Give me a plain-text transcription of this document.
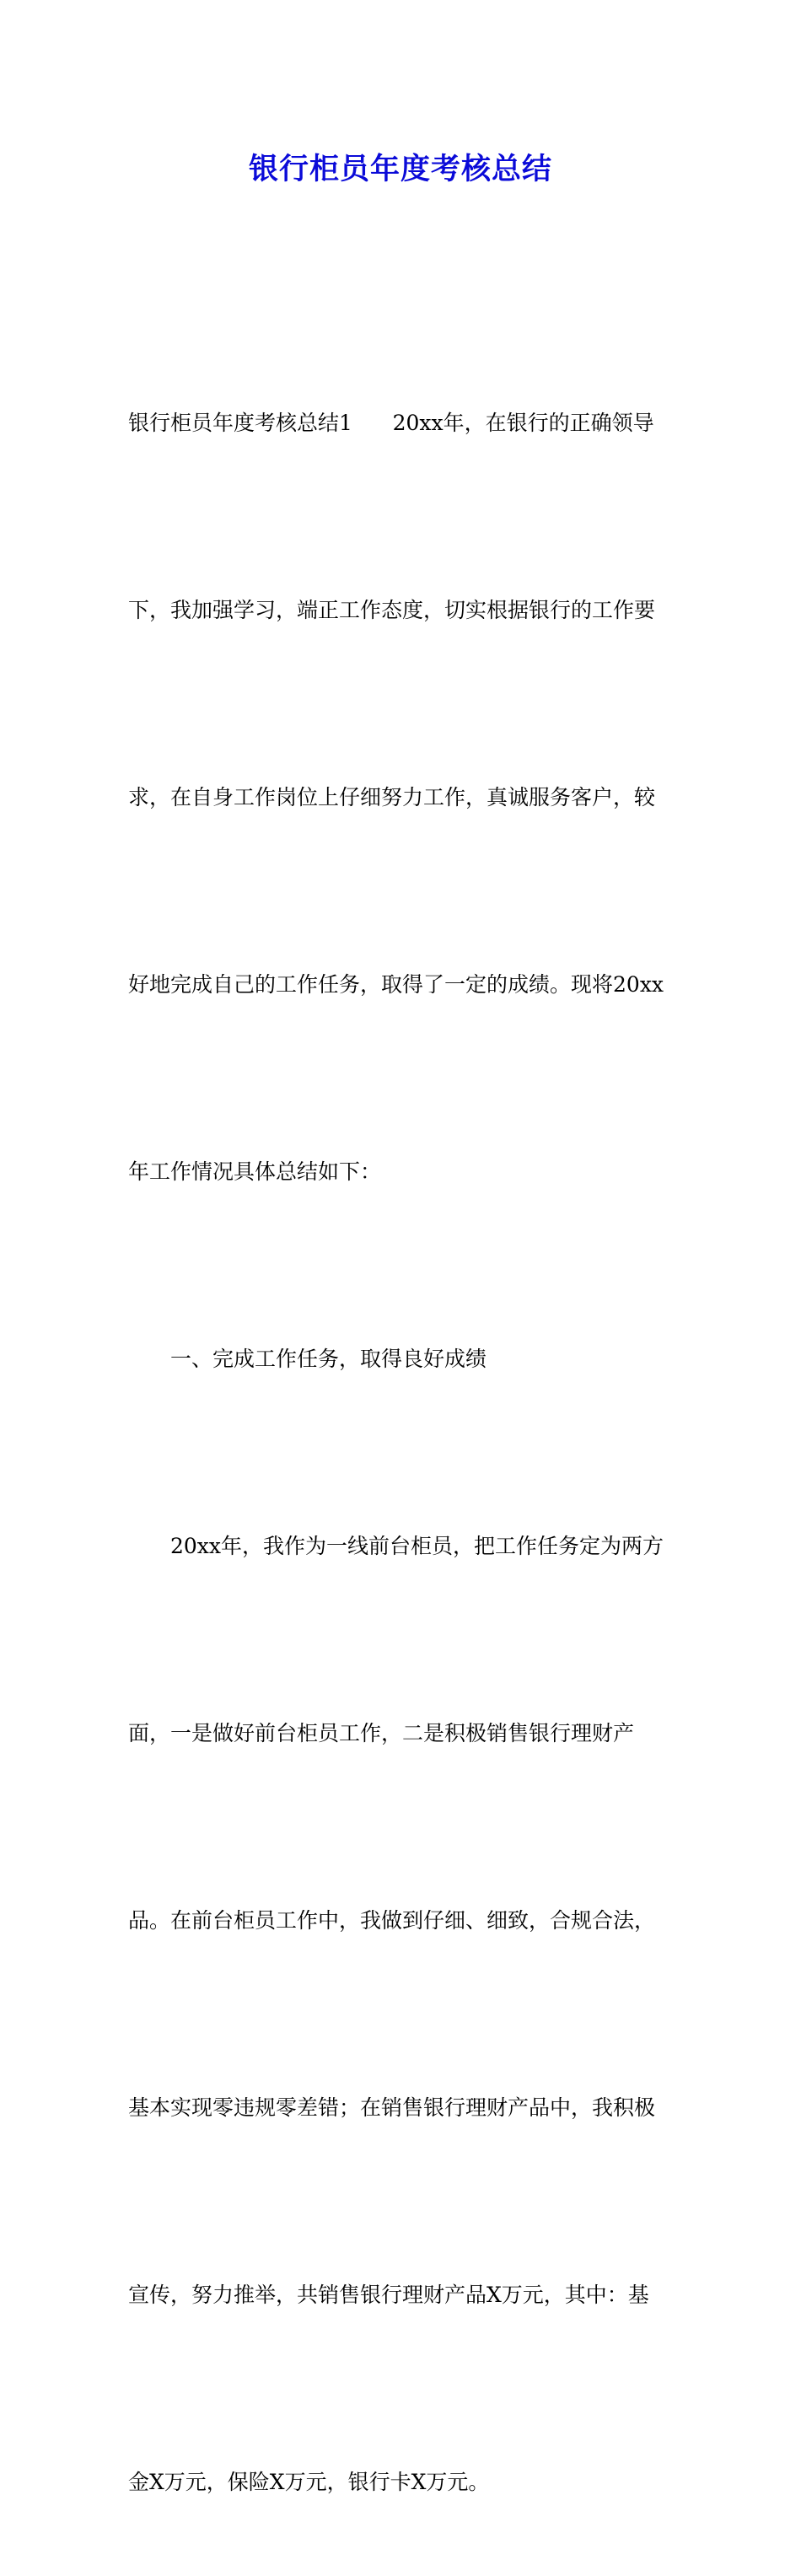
银行柜员年度考核总结

银行柜员年度考核总结1      20xx年，在银行的正确领导

下，我加强学习，端正工作态度，切实根据银行的工作要

求，在自身工作岗位上仔细努力工作，真诚服务客户，较

好地完成自己的工作任务，取得了一定的成绩。现将20xx

年工作情况具体总结如下：

一、完成工作任务，取得良好成绩

20xx年，我作为一线前台柜员，把工作任务定为两方

面，一是做好前台柜员工作，二是积极销售银行理财产

品。在前台柜员工作中，我做到仔细、细致，合规合法，

基本实现零违规零差错；在销售银行理财产品中，我积极

宣传，努力推举，共销售银行理财产品X万元，其中：基

金X万元，保险X万元，银行卡X万元。
